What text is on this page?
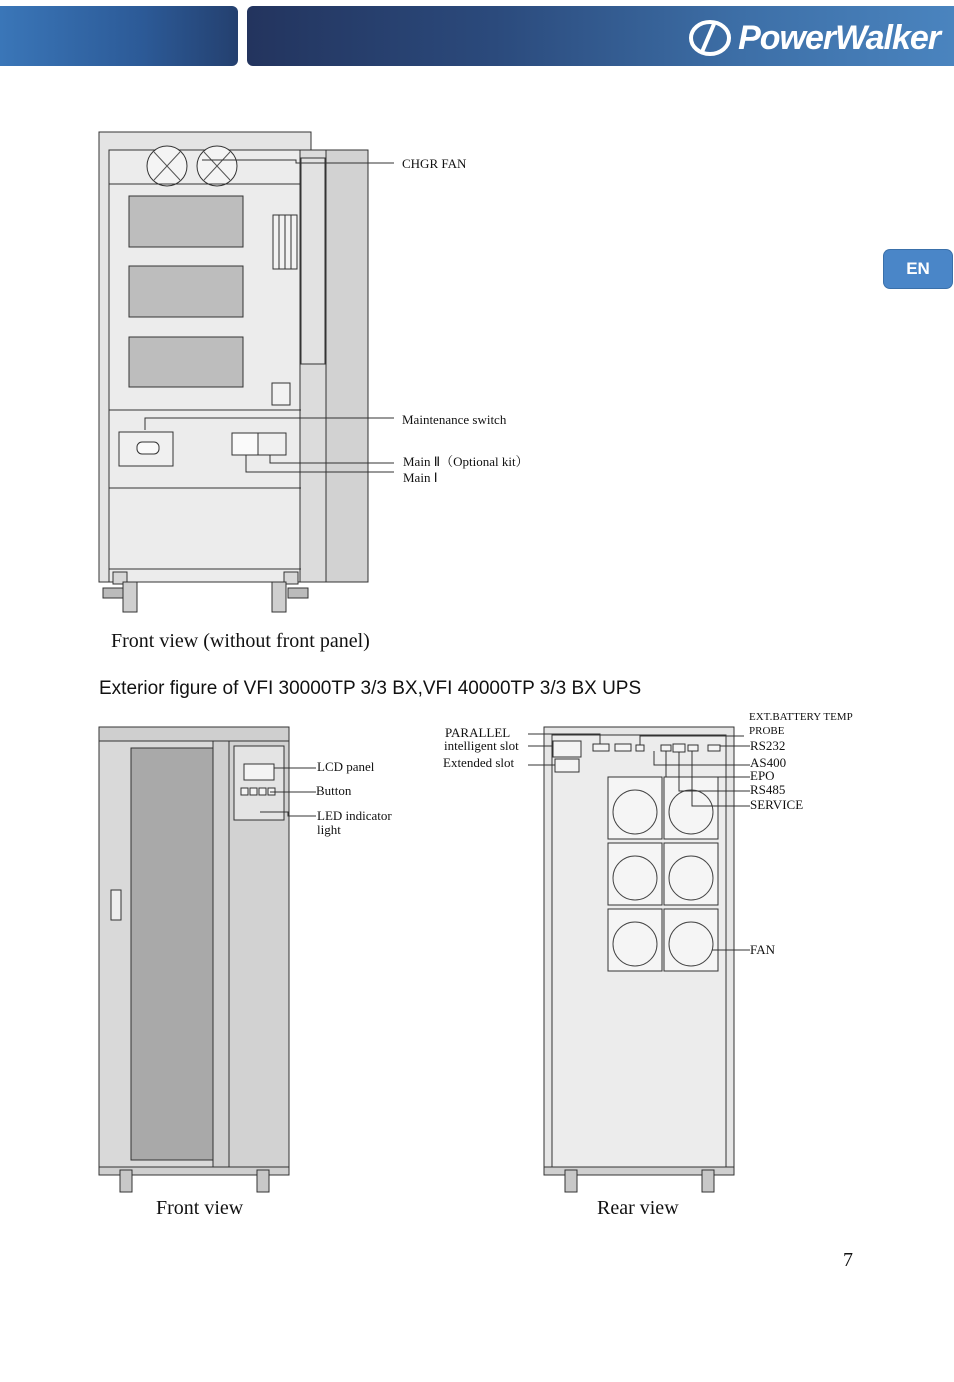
PowerWalker
EN
CHGR FAN
Maintenance switch
Main Ⅱ（Optional kit）
Main Ⅰ
Front view (without front panel)
Exterior figure of VFI 30000TP 3/3 BX,VFI 40000TP 3/3 BX UPS
LCD panel
Button
LED indicator
light
Front view
EXT.BATTERY TEMP
PROBE
PARALLEL
intelligent slot
Extended slot
RS232
AS400
EPO
RS485
SERVICE
FAN
Rear view
7
